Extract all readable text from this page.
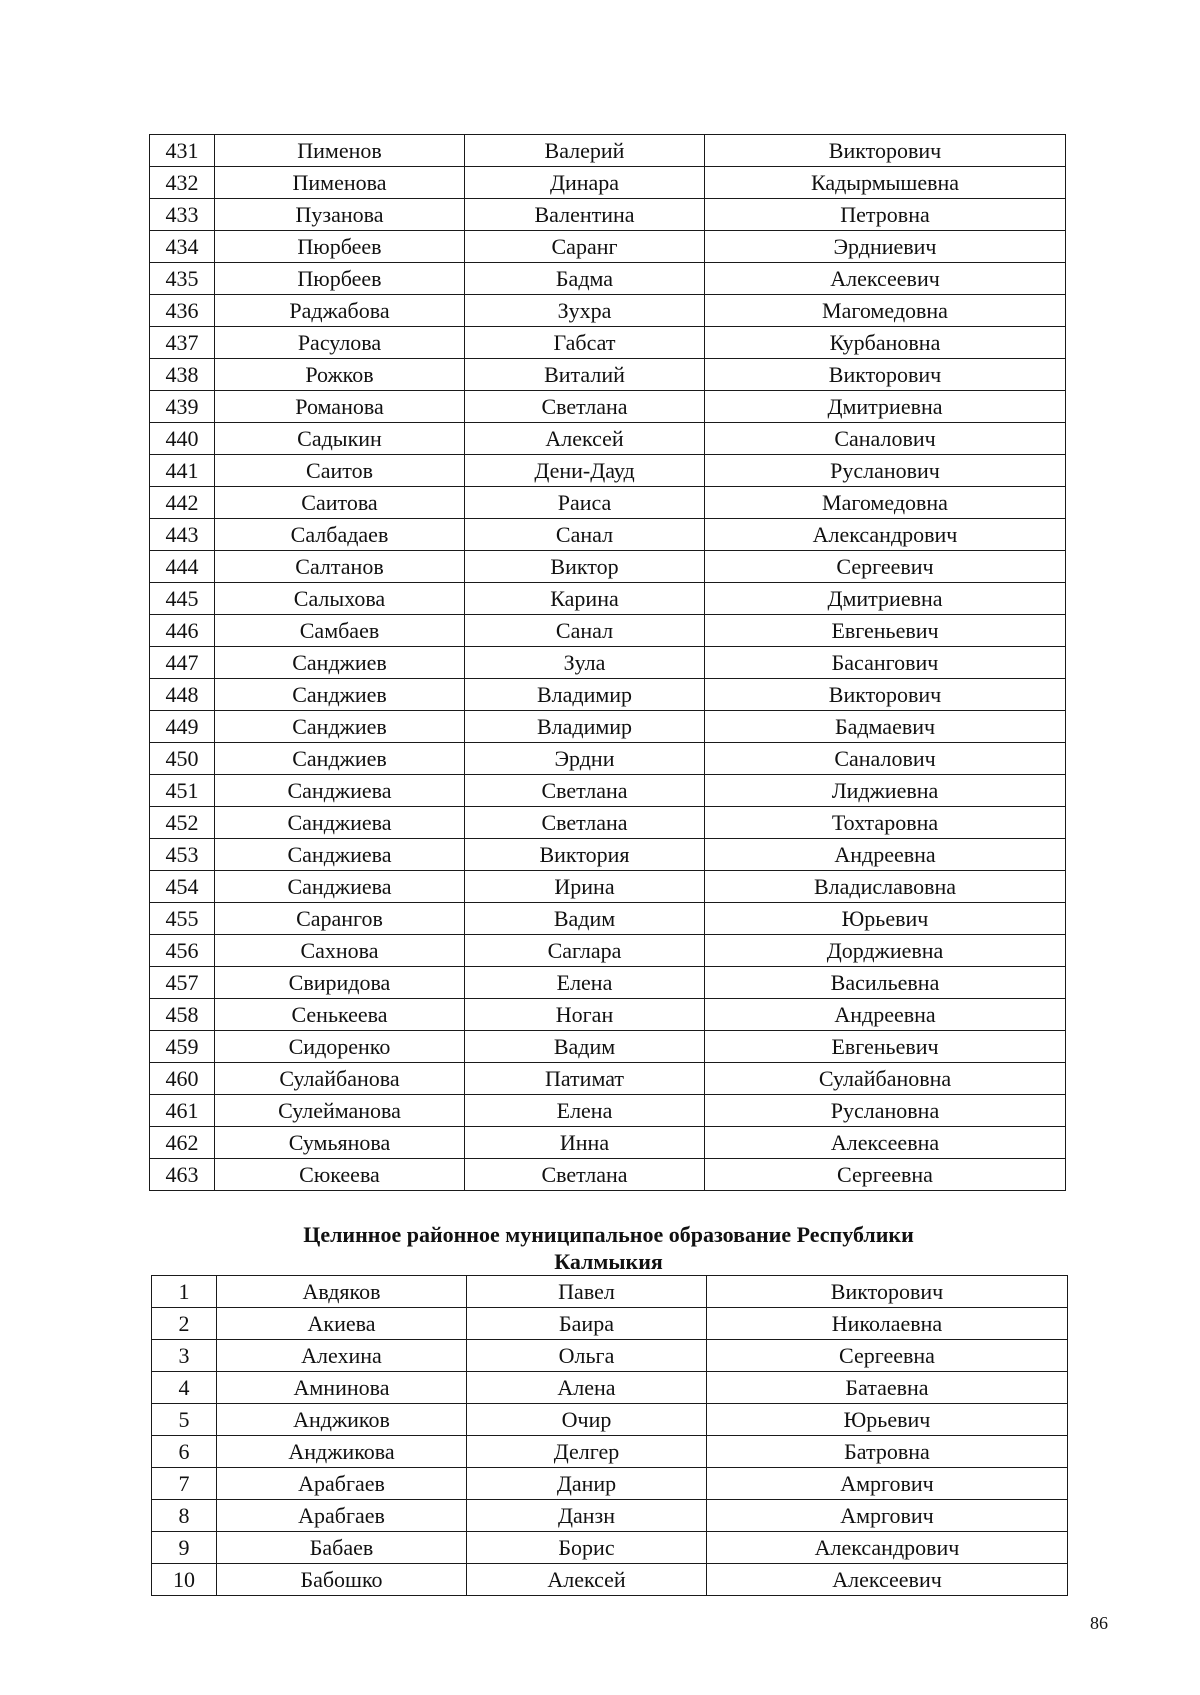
431	Пименов	Валерий	Викторович
432	Пименова	Динара	Кадырмышевна
433	Пузанова	Валентина	Петровна
434	Пюрбеев	Саранг	Эрдниевич
435	Пюрбеев	Бадма	Алексеевич
436	Раджабова	Зухра	Магомедовна
437	Расулова	Габсат	Курбановна
438	Рожков	Виталий	Викторович
439	Романова	Светлана	Дмитриевна
440	Садыкин	Алексей	Саналович
441	Саитов	Дени-Дауд	Русланович
442	Саитова	Раиса	Магомедовна
443	Салбадаев	Санал	Александрович
444	Салтанов	Виктор	Сергеевич
445	Салыхова	Карина	Дмитриевна
446	Самбаев	Санал	Евгеньевич
447	Санджиев	Зула	Басангович
448	Санджиев	Владимир	Викторович
449	Санджиев	Владимир	Бадмаевич
450	Санджиев	Эрдни	Саналович
451	Санджиева	Светлана	Лиджиевна
452	Санджиева	Светлана	Тохтаровна
453	Санджиева	Виктория	Андреевна
454	Санджиева	Ирина	Владиславовна
455	Сарангов	Вадим	Юрьевич
456	Сахнова	Саглара	Дорджиевна
457	Свиридова	Елена	Васильевна
458	Сенькеева	Ноган	Андреевна
459	Сидоренко	Вадим	Евгеньевич
460	Сулайбанова	Патимат	Сулайбановна
461	Сулейманова	Елена	Руслановна
462	Сумьянова	Инна	Алексеевна
463	Сюкеева	Светлана	Сергеевна
Целинное районное муниципальное образование Республики
Калмыкия
1	Авдяков	Павел	Викторович
2	Акиева	Баира	Николаевна
3	Алехина	Ольга	Сергеевна
4	Амнинова	Алена	Батаевна
5	Анджиков	Очир	Юрьевич
6	Анджикова	Делгер	Батровна
7	Арабгаев	Данир	Амргович
8	Арабгаев	Данзн	Амргович
9	Бабаев	Борис	Александрович
10	Бабошко	Алексей	Алексеевич
86
